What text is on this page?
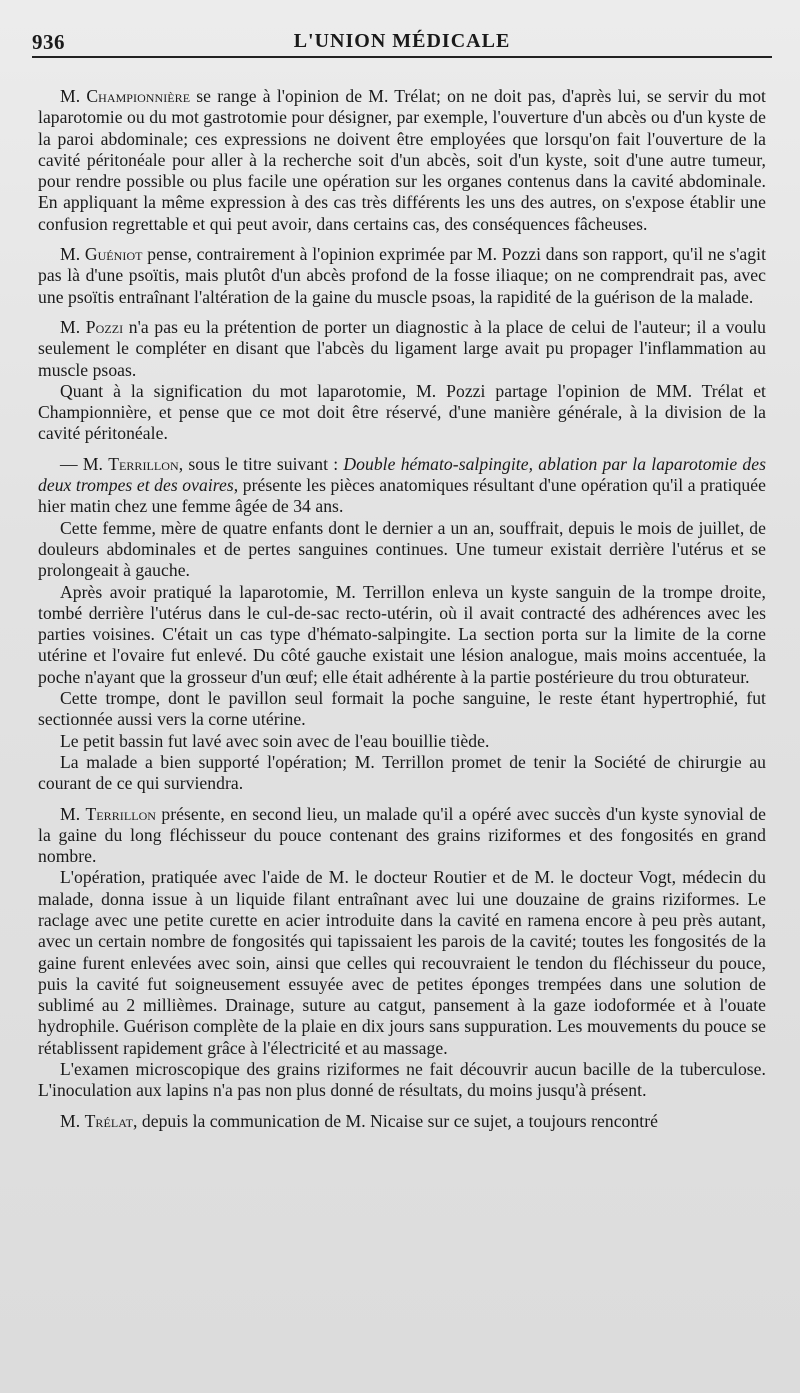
936	L'UNION MÉDICALE

M. Championnière se range à l'opinion de M. Trélat; on ne doit pas, d'après lui, se servir du mot laparotomie ou du mot gastrotomie pour désigner, par exemple, l'ouverture d'un abcès ou d'un kyste de la paroi abdominale; ces expressions ne doivent être employées que lorsqu'on fait l'ouverture de la cavité péritonéale pour aller à la recherche soit d'un abcès, soit d'un kyste, soit d'une autre tumeur, pour rendre possible ou plus facile une opération sur les organes contenus dans la cavité abdominale. En appliquant la même expression à des cas très différents les uns des autres, on s'expose établir une confusion regrettable et qui peut avoir, dans certains cas, des conséquences fâcheuses.

M. Guéniot pense, contrairement à l'opinion exprimée par M. Pozzi dans son rapport, qu'il ne s'agit pas là d'une psoïtis, mais plutôt d'un abcès profond de la fosse iliaque; on ne comprendrait pas, avec une psoïtis entraînant l'altération de la gaine du muscle psoas, la rapidité de la guérison de la malade.

M. Pozzi n'a pas eu la prétention de porter un diagnostic à la place de celui de l'auteur; il a voulu seulement le compléter en disant que l'abcès du ligament large avait pu propager l'inflammation au muscle psoas.

Quant à la signification du mot laparotomie, M. Pozzi partage l'opinion de MM. Trélat et Championnière, et pense que ce mot doit être réservé, d'une manière générale, à la division de la cavité péritonéale.

— M. Terrillon, sous le titre suivant : Double hémato-salpingite, ablation par la laparotomie des deux trompes et des ovaires, présente les pièces anatomiques résultant d'une opération qu'il a pratiquée hier matin chez une femme âgée de 34 ans.

Cette femme, mère de quatre enfants dont le dernier a un an, souffrait, depuis le mois de juillet, de douleurs abdominales et de pertes sanguines continues. Une tumeur existait derrière l'utérus et se prolongeait à gauche.

Après avoir pratiqué la laparotomie, M. Terrillon enleva un kyste sanguin de la trompe droite, tombé derrière l'utérus dans le cul-de-sac recto-utérin, où il avait contracté des adhérences avec les parties voisines. C'était un cas type d'hémato-salpingite. La section porta sur la limite de la corne utérine et l'ovaire fut enlevé. Du côté gauche existait une lésion analogue, mais moins accentuée, la poche n'ayant que la grosseur d'un œuf; elle était adhérente à la partie postérieure du trou obturateur.

Cette trompe, dont le pavillon seul formait la poche sanguine, le reste étant hypertrophié, fut sectionnée aussi vers la corne utérine.

Le petit bassin fut lavé avec soin avec de l'eau bouillie tiède.

La malade a bien supporté l'opération; M. Terrillon promet de tenir la Société de chirurgie au courant de ce qui surviendra.

M. Terrillon présente, en second lieu, un malade qu'il a opéré avec succès d'un kyste synovial de la gaine du long fléchisseur du pouce contenant des grains riziformes et des fongosités en grand nombre.

L'opération, pratiquée avec l'aide de M. le docteur Routier et de M. le docteur Vogt, médecin du malade, donna issue à un liquide filant entraînant avec lui une douzaine de grains riziformes. Le raclage avec une petite curette en acier introduite dans la cavité en ramena encore à peu près autant, avec un certain nombre de fongosités qui tapissaient les parois de la cavité; toutes les fongosités de la gaine furent enlevées avec soin, ainsi que celles qui recouvraient le tendon du fléchisseur du pouce, puis la cavité fut soigneusement essuyée avec de petites éponges trempées dans une solution de sublimé au 2 millièmes. Drainage, suture au catgut, pansement à la gaze iodoformée et à l'ouate hydrophile. Guérison complète de la plaie en dix jours sans suppuration. Les mouvements du pouce se rétablissent rapidement grâce à l'électricité et au massage.

L'examen microscopique des grains riziformes ne fait découvrir aucun bacille de la tuberculose. L'inoculation aux lapins n'a pas non plus donné de résultats, du moins jusqu'à présent.

M. Trélat, depuis la communication de M. Nicaise sur ce sujet, a toujours rencontré
